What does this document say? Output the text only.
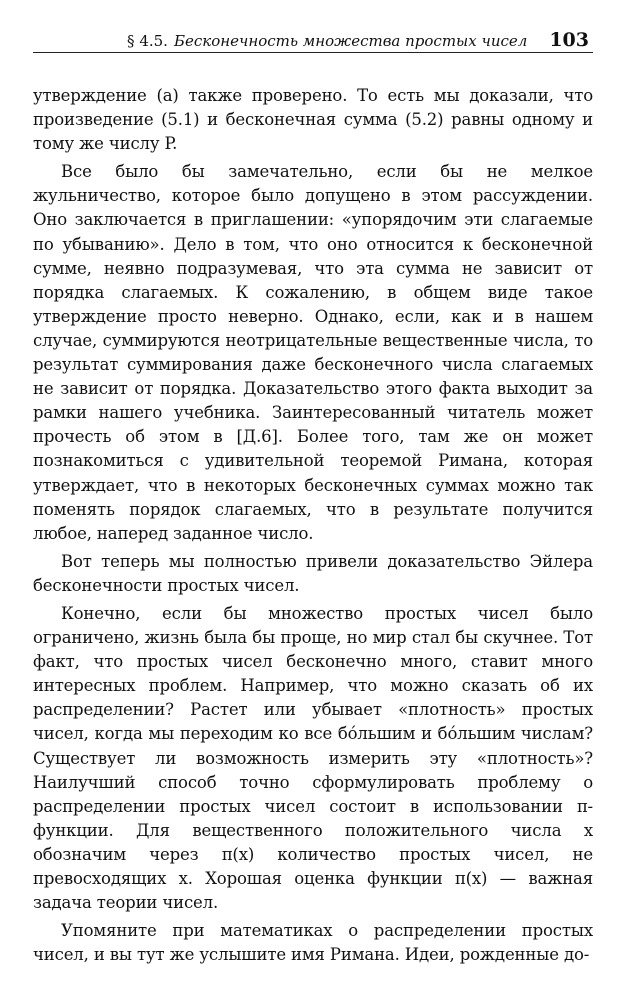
§ 4.5. Бесконечность множества простых чисел 103

утверждение (а) также проверено. То есть мы доказали, что произведение (5.1) и бесконечная сумма (5.2) равны одному и тому же числу P.

Все было бы замечательно, если бы не мелкое жульничество, которое было допущено в этом рассуждении. Оно заключается в приглашении: «упорядочим эти слагаемые по убыванию». Дело в том, что оно относится к бесконечной сумме, неявно подразумевая, что эта сумма не зависит от порядка слагаемых. К сожалению, в общем виде такое утверждение просто неверно. Однако, если, как и в нашем случае, суммируются неотрицательные вещественные числа, то результат суммирования даже бесконечного числа слагаемых не зависит от порядка. Доказательство этого факта выходит за рамки нашего учебника. Заинтересованный читатель может прочесть об этом в [Д.6]. Более того, там же он может познакомиться с удивительной теоремой Римана, которая утверждает, что в некоторых бесконечных суммах можно так поменять порядок слагаемых, что в результате получится любое, наперед заданное число.

Вот теперь мы полностью привели доказательство Эйлера бесконечности простых чисел.

Конечно, если бы множество простых чисел было ограничено, жизнь была бы проще, но мир стал бы скучнее. Тот факт, что простых чисел бесконечно много, ставит много интересных проблем. Например, что можно сказать об их распределении? Растет или убывает «плотность» простых чисел, когда мы переходим ко все бо́льшим и бо́льшим числам? Существует ли возможность измерить эту «плотность»? Наилучший способ точно сформулировать проблему о распределении простых чисел состоит в использовании π-функции. Для вещественного положительного числа x обозначим через π(x) количество простых чисел, не превосходящих x. Хорошая оценка функции π(x) — важная задача теории чисел.

Упомяните при математиках о распределении простых чисел, и вы тут же услышите имя Римана. Идеи, рожденные до-
